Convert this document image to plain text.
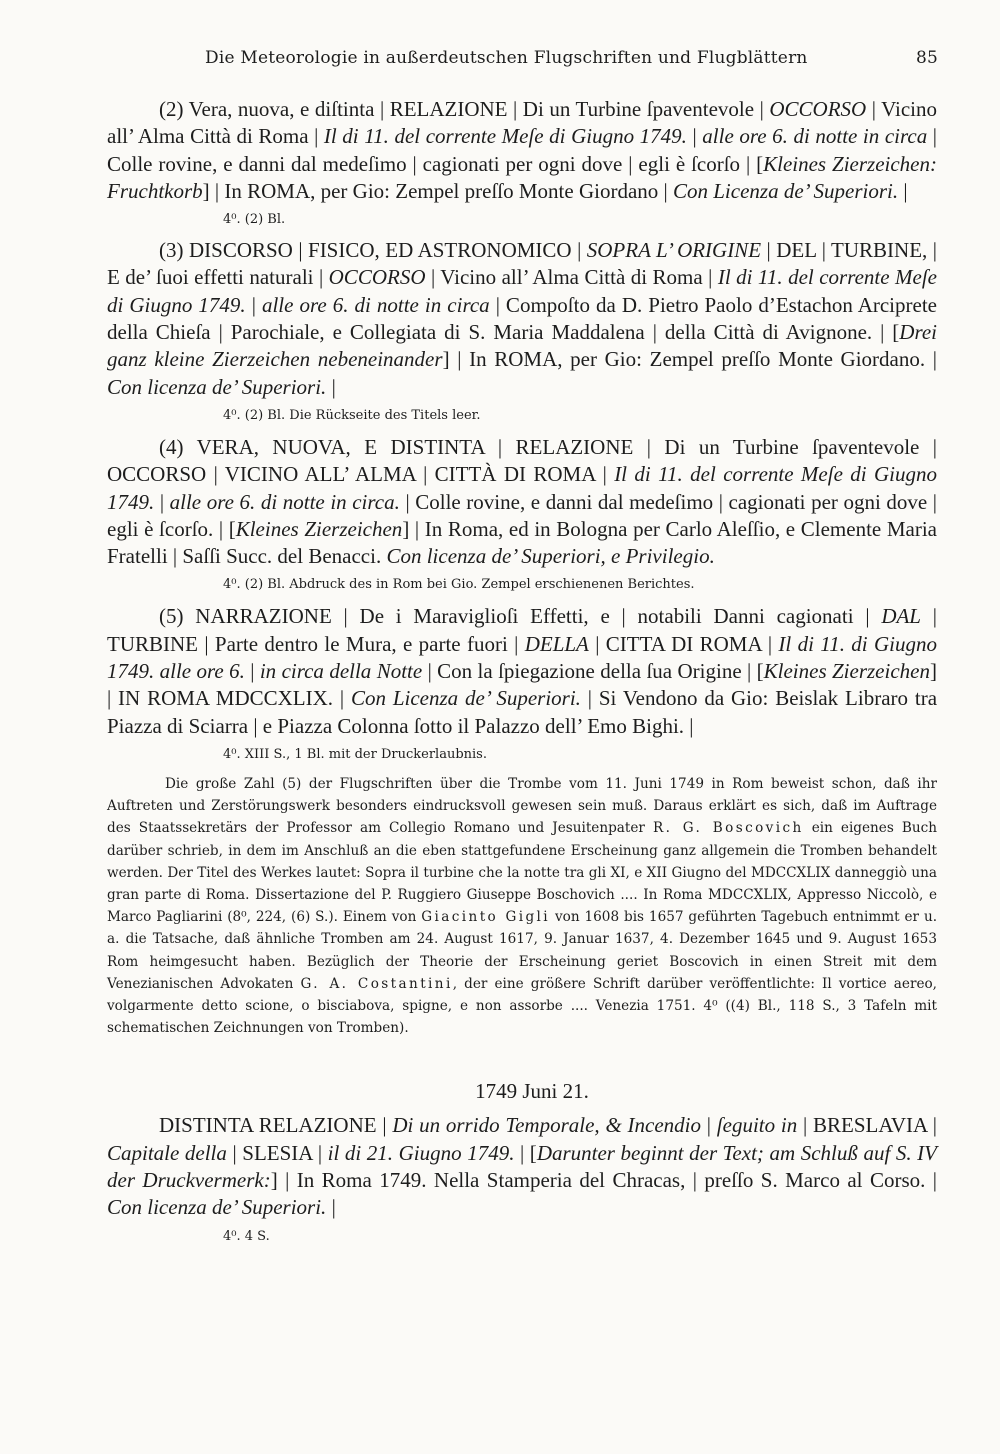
Die Meteorologie in außerdeutschen Flugschriften und Flugblättern	85

(2) Vera, nuova, e diſtinta | RELAZIONE | Di un Turbine ſpaventevole | OCCORSO | Vicino all’ Alma Città di Roma | Il di 11. del corrente Meſe di Giugno 1749. | alle ore 6. di notte in circa | Colle rovine, e danni dal medeſimo | cagionati per ogni dove | egli è ſcorſo | [Kleines Zierzeichen: Fruchtkorb] | In ROMA, per Gio: Zempel preſſo Monte Giordano | Con Licenza de’ Superiori. |

4⁰. (2) Bl.

(3) DISCORSO | FISICO, ED ASTRONOMICO | SOPRA L’ ORIGINE | DEL | TURBINE, | E de’ ſuoi effetti naturali | OCCORSO | Vicino all’ Alma Città di Roma | Il di 11. del corrente Meſe di Giugno 1749. | alle ore 6. di notte in circa | Compoſto da D. Pietro Paolo d’Estachon Arciprete della Chieſa | Parochiale, e Collegiata di S. Maria Maddalena | della Città di Avignone. | [Drei ganz kleine Zierzeichen nebeneinander] | In ROMA, per Gio: Zempel preſſo Monte Giordano. | Con licenza de’ Superiori. |

4⁰. (2) Bl. Die Rückseite des Titels leer.

(4) VERA, NUOVA, E DISTINTA | RELAZIONE | Di un Turbine ſpaventevole | OCCORSO | VICINO ALL’ ALMA | CITTÀ DI ROMA | Il di 11. del corrente Meſe di Giugno 1749. | alle ore 6. di notte in circa. | Colle rovine, e danni dal medeſimo | cagionati per ogni dove | egli è ſcorſo. | [Kleines Zierzeichen] | In Roma, ed in Bologna per Carlo Aleſſio, e Clemente Maria Fratelli | Saſſi Succ. del Benacci. Con licenza de’ Superiori, e Privilegio.

4⁰. (2) Bl. Abdruck des in Rom bei Gio. Zempel erschienenen Berichtes.

(5) NARRAZIONE | De i Maraviglioſi Effetti, e | notabili Danni cagionati | DAL | TURBINE | Parte dentro le Mura, e parte fuori | DELLA | CITTA DI ROMA | Il di 11. di Giugno 1749. alle ore 6. | in circa della Notte | Con la ſpiegazione della ſua Origine | [Kleines Zierzeichen] | IN ROMA MDCCXLIX. | Con Licenza de’ Superiori. | Si Vendono da Gio: Beislak Libraro tra Piazza di Sciarra | e Piazza Colonna ſotto il Palazzo dell’ Emo Bighi. |

4⁰. XIII S., 1 Bl. mit der Druckerlaubnis.

Die große Zahl (5) der Flugschriften über die Trombe vom 11. Juni 1749 in Rom beweist schon, daß ihr Auftreten und Zerstörungswerk besonders eindrucksvoll gewesen sein muß. Daraus erklärt es sich, daß im Auftrage des Staatssekretärs der Professor am Collegio Romano und Jesuitenpater R. G. Boscovich ein eigenes Buch darüber schrieb, in dem im Anschluß an die eben stattgefundene Erscheinung ganz allgemein die Tromben behandelt werden. Der Titel des Werkes lautet: Sopra il turbine che la notte tra gli XI, e XII Giugno del MDCCXLIX danneggiò una gran parte di Roma. Dissertazione del P. Ruggiero Giuseppe Boschovich .... In Roma MDCCXLIX, Appresso Niccolò, e Marco Pagliarini (8⁰, 224, (6) S.). Einem von Giacinto Gigli von 1608 bis 1657 geführten Tagebuch entnimmt er u. a. die Tatsache, daß ähnliche Tromben am 24. August 1617, 9. Januar 1637, 4. Dezember 1645 und 9. August 1653 Rom heimgesucht haben. Bezüglich der Theorie der Erscheinung geriet Boscovich in einen Streit mit dem Venezianischen Advokaten G. A. Costantini, der eine größere Schrift darüber veröffentlichte: Il vortice aereo, volgarmente detto scione, o bisciabova, spigne, e non assorbe .... Venezia 1751. 4⁰ ((4) Bl., 118 S., 3 Tafeln mit schematischen Zeichnungen von Tromben).

1749 Juni 21.

DISTINTA RELAZIONE | Di un orrido Temporale, & Incendio | ſeguito in | BRESLAVIA | Capitale della | SLESIA | il di 21. Giugno 1749. | [Darunter beginnt der Text; am Schluß auf S. IV der Druckvermerk:] | In Roma 1749. Nella Stamperia del Chracas, | preſſo S. Marco al Corso. | Con licenza de’ Superiori. |

4⁰. 4 S.
